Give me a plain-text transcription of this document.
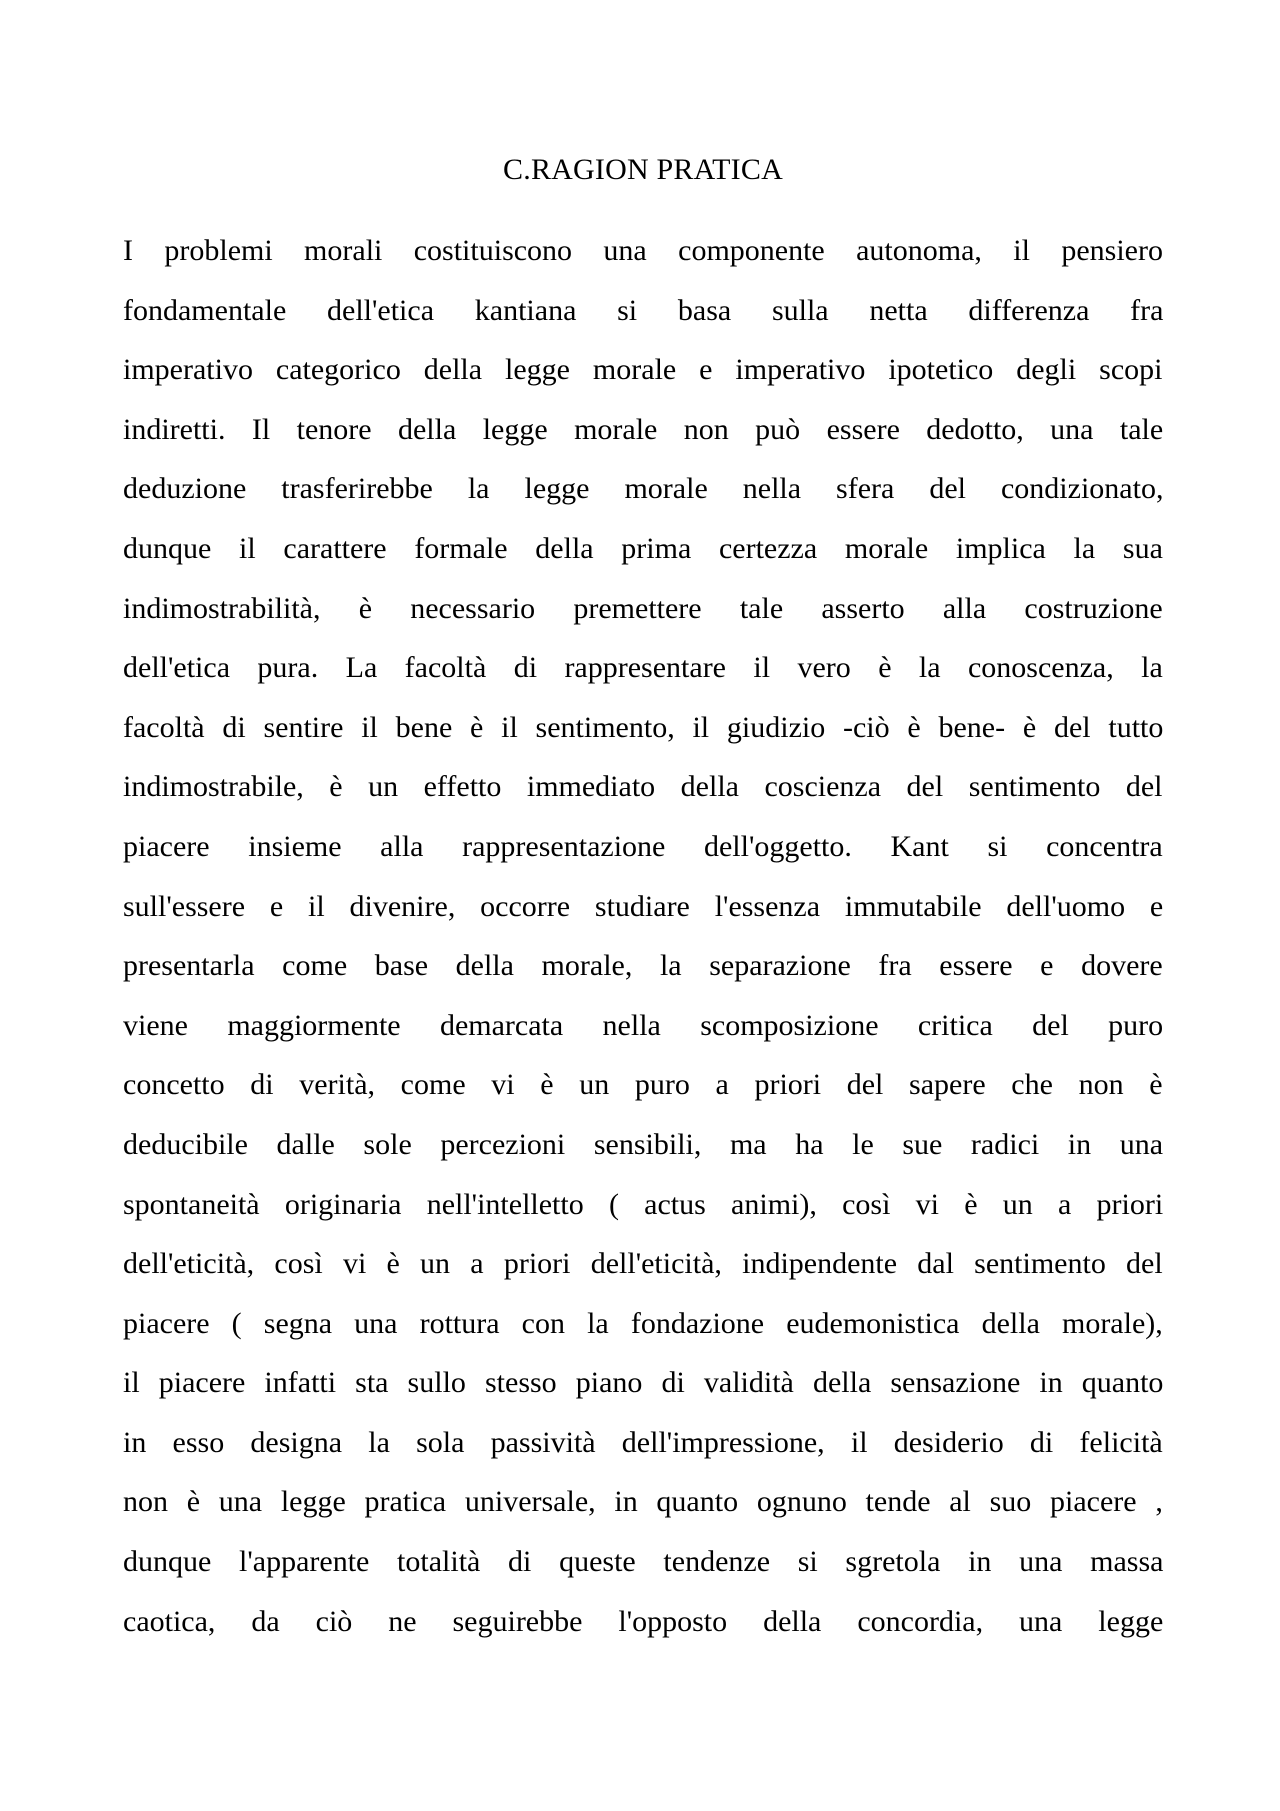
C.RAGION PRATICA
I problemi morali costituiscono una componente autonoma, il pensiero
fondamentale dell'etica kantiana si basa sulla netta differenza fra
imperativo categorico della legge morale e imperativo ipotetico degli scopi
indiretti. Il tenore della legge morale non può essere dedotto, una tale
deduzione trasferirebbe la legge morale nella sfera del condizionato,
dunque il carattere formale della prima certezza morale implica la sua
indimostrabilità, è necessario premettere tale asserto alla costruzione
dell'etica pura. La facoltà di rappresentare il vero è la conoscenza, la
facoltà di sentire il bene è il sentimento, il giudizio -ciò è bene- è del tutto
indimostrabile, è un effetto immediato della coscienza del sentimento del
piacere insieme alla rappresentazione dell'oggetto. Kant si concentra
sull'essere e il divenire, occorre studiare l'essenza immutabile dell'uomo e
presentarla come base della morale, la separazione fra essere e dovere
viene maggiormente demarcata nella scomposizione critica del puro
concetto di verità, come vi è un puro a priori del sapere che non è
deducibile dalle sole percezioni sensibili, ma ha le sue radici in una
spontaneità originaria nell'intelletto ( actus animi), così vi è un a priori
dell'eticità, così vi è un a priori dell'eticità, indipendente dal sentimento del
piacere ( segna una rottura con la fondazione eudemonistica della morale),
il piacere infatti sta sullo stesso piano di validità della sensazione in quanto
in esso designa la sola passività dell'impressione, il desiderio di felicità
non è una legge pratica universale, in quanto ognuno tende al suo piacere ,
dunque l'apparente totalità di queste tendenze si sgretola in una massa
caotica, da ciò ne seguirebbe l'opposto della concordia, una legge
